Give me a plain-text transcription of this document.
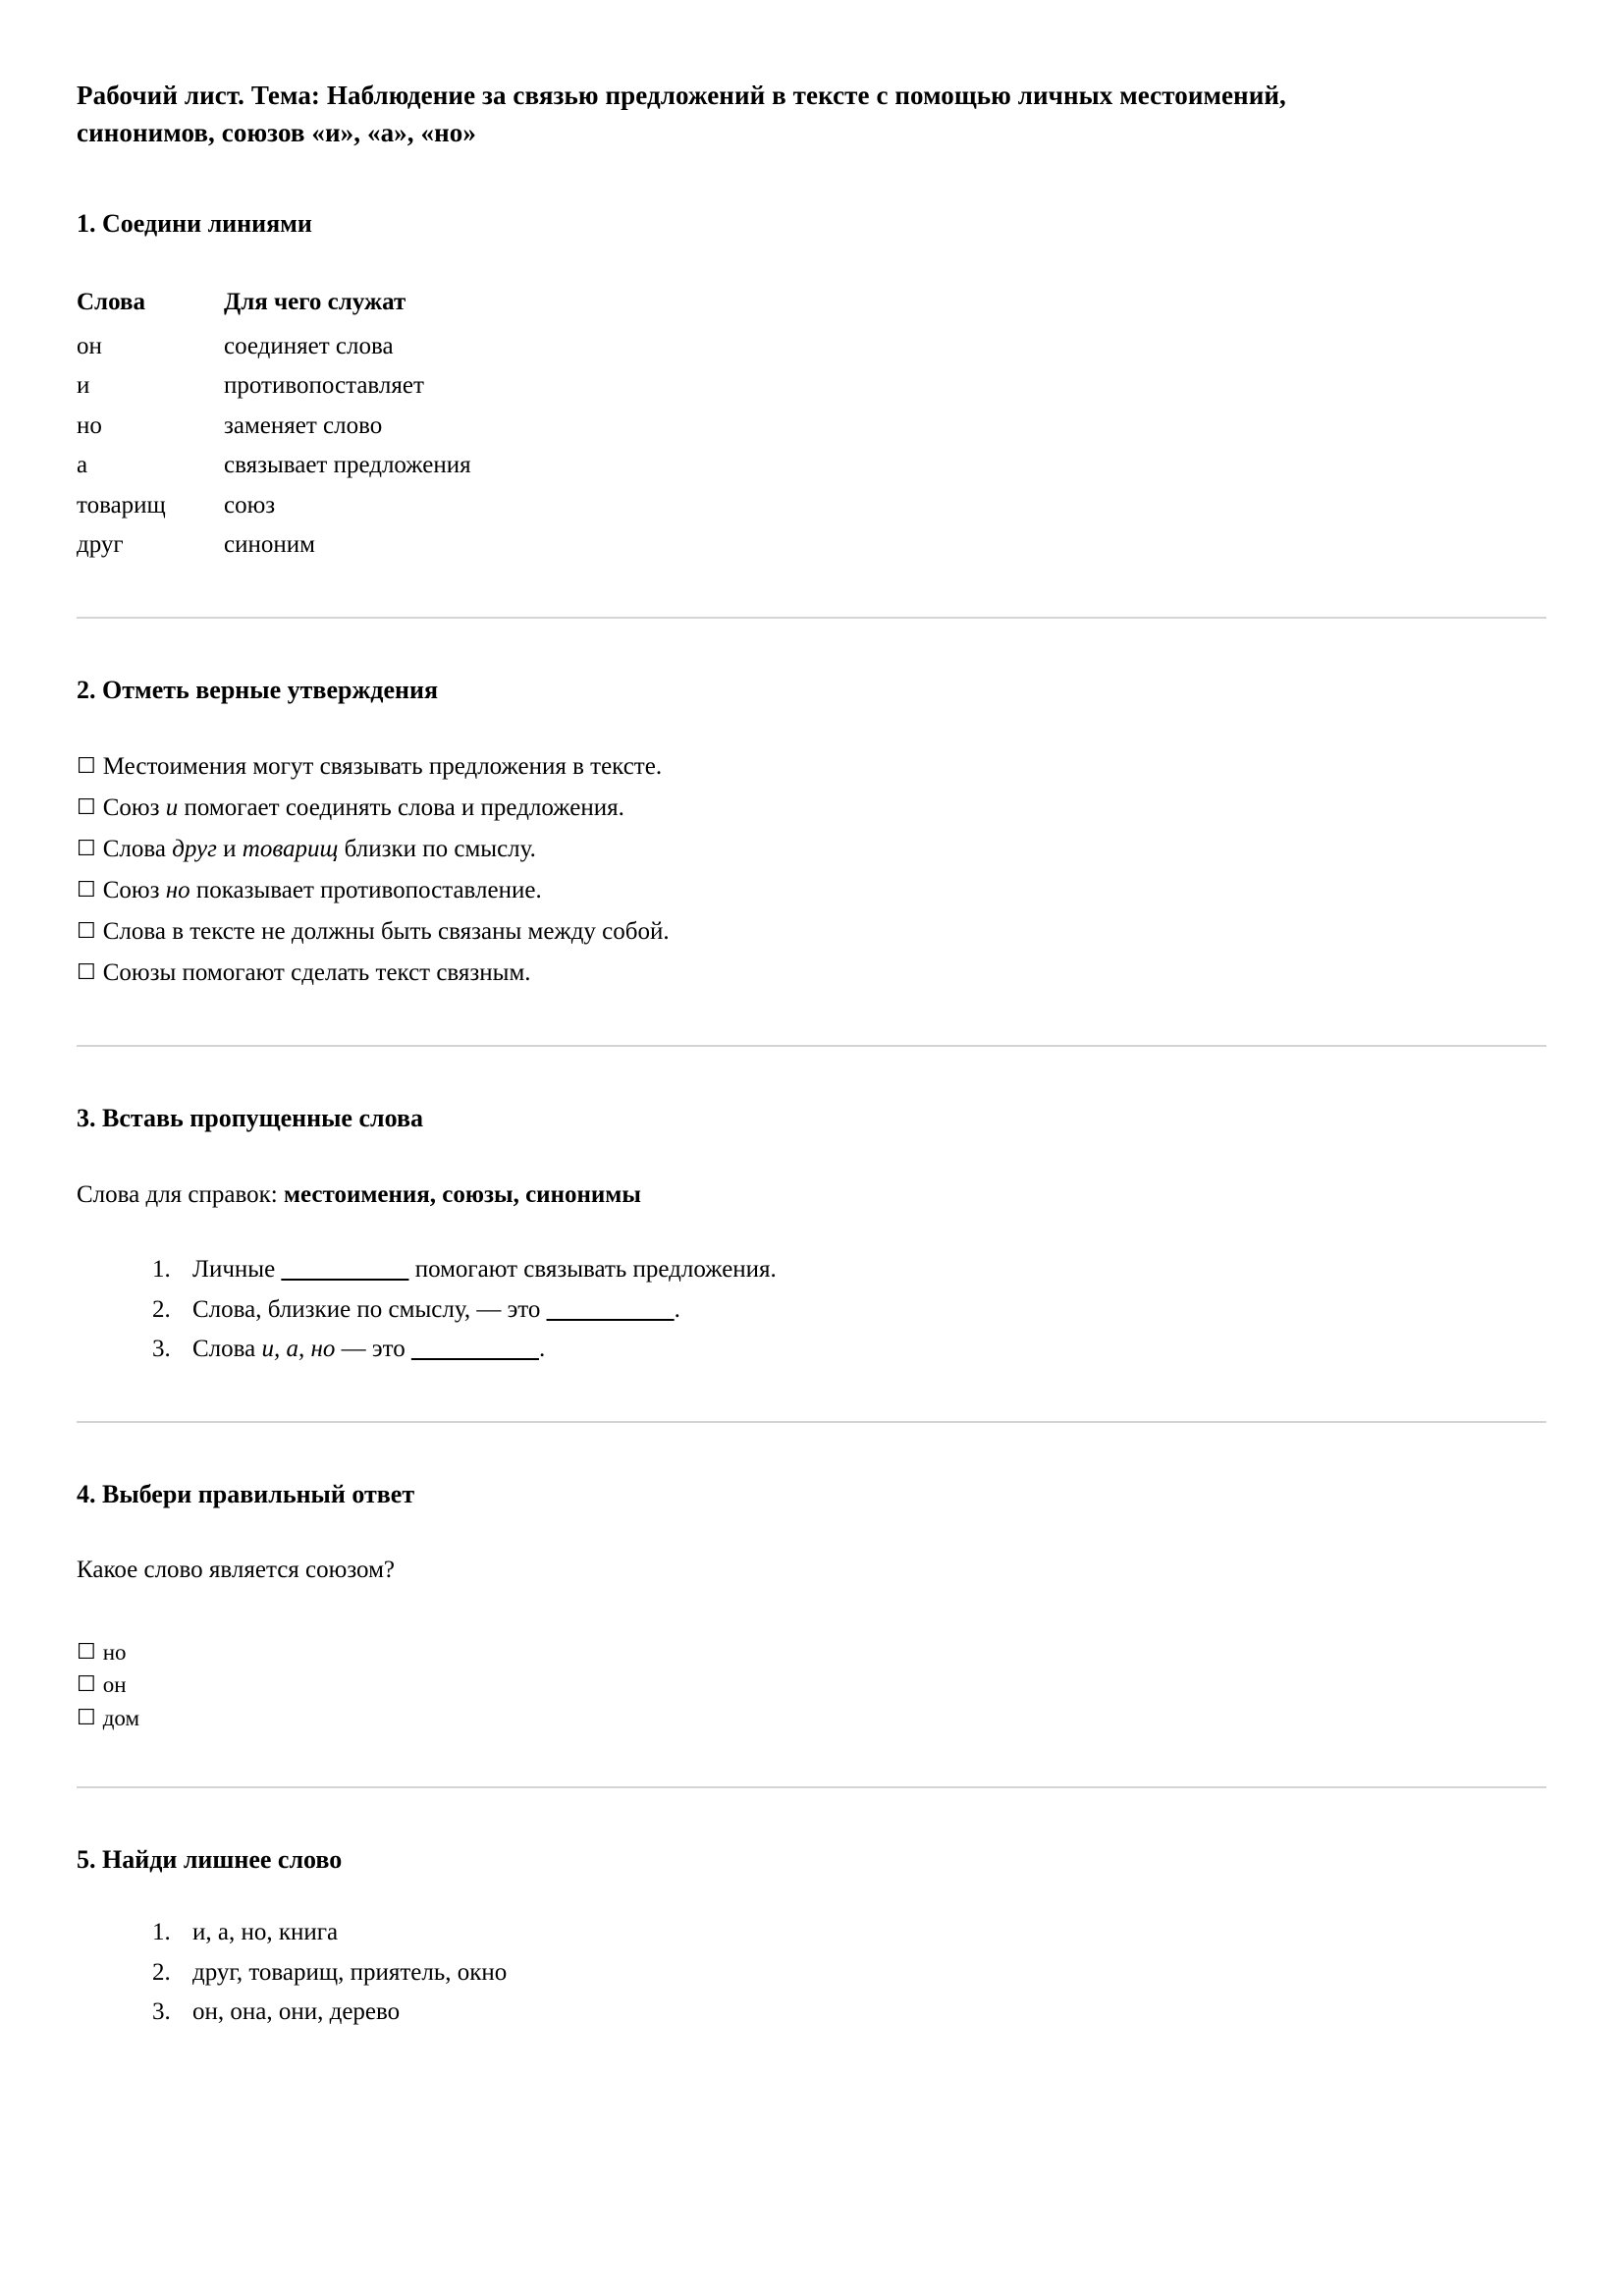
Рабочий лист. Тема: Наблюдение за связью предложений в тексте с помощью личных местоимений, синонимов, союзов «и», «а», «но»
1. Соедини линиями
Слова	Для чего служат
он	соединяет слова
и	противопоставляет
но	заменяет слово
а	связывает предложения
товарищ	союз
друг	синоним
2. Отметь верные утверждения
☐ Местоимения могут связывать предложения в тексте.
☐ Союз и помогает соединять слова и предложения.
☐ Слова друг и товарищ близки по смыслу.
☐ Союз но показывает противопоставление.
☐ Слова в тексте не должны быть связаны между собой.
☐ Союзы помогают сделать текст связным.
3. Вставь пропущенные слова

Слова для справок: местоимения, союзы, синонимы

1. Личные __________ помогают связывать предложения.
2. Слова, близкие по смыслу, — это __________.
3. Слова и, а, но — это __________.
4. Выбери правильный ответ

Какое слово является союзом?

☐ но
☐ он
☐ дом
5. Найди лишнее слово
1. и, а, но, книга
2. друг, товарищ, приятель, окно
3. он, она, они, дерево
